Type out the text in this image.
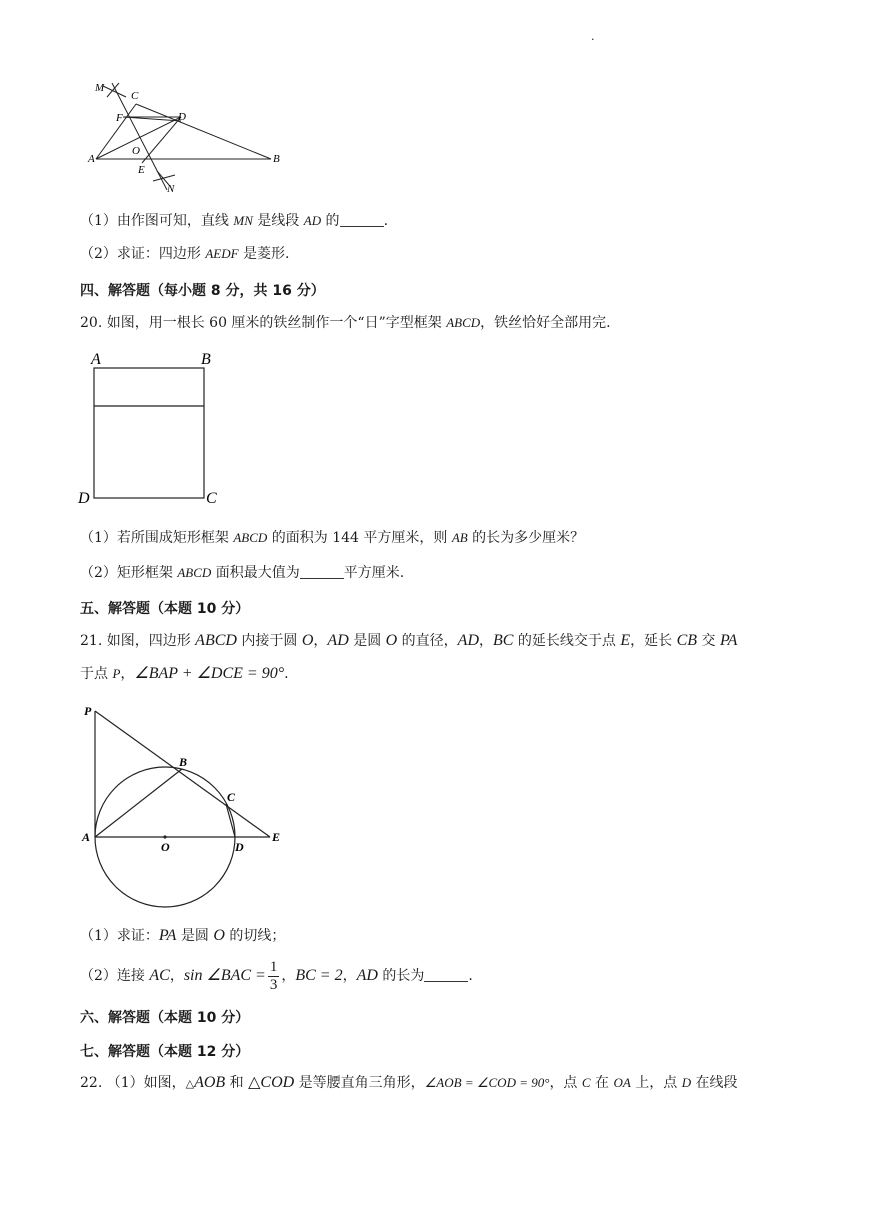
.
M
C
F	D
A
O
E
B
N
（1）由作图可知，直线 MN 是线段 AD 的	.
（2）求证：四边形 AEDF 是菱形.
四、解答题（每小题 8 分，共 16 分）
20. 如图，用一根长 60 厘米的铁丝制作一个“日”字型框架 ABCD，铁丝恰好全部用完.
A	B
D	C
（1）若所围成矩形框架 ABCD 的面积为 144 平方厘米，则 AB 的长为多少厘米？
（2）矩形框架 ABCD 面积最大值为	平方厘米.
五、解答题（本题 10 分）
21. 如图，四边形 ABCD 内接于圆 O，AD 是圆 O 的直径，AD，BC 的延长线交于点 E，延长 CB 交 PA
于点 P，∠BAP + ∠DCE = 90°.
P
B
C
A
O	D
E
（1）求证：PA 是圆 O 的切线；
（2）连接 AC，sin ∠BAC = $\frac{1}{3}$ ，BC = 2，AD 的长为	.
六、解答题（本题 10 分）
七、解答题（本题 12 分）
22. （1）如图，△AOB 和 △COD 是等腰直角三角形，∠AOB = ∠COD = 90°，点 C 在 OA 上，点 D 在线段
